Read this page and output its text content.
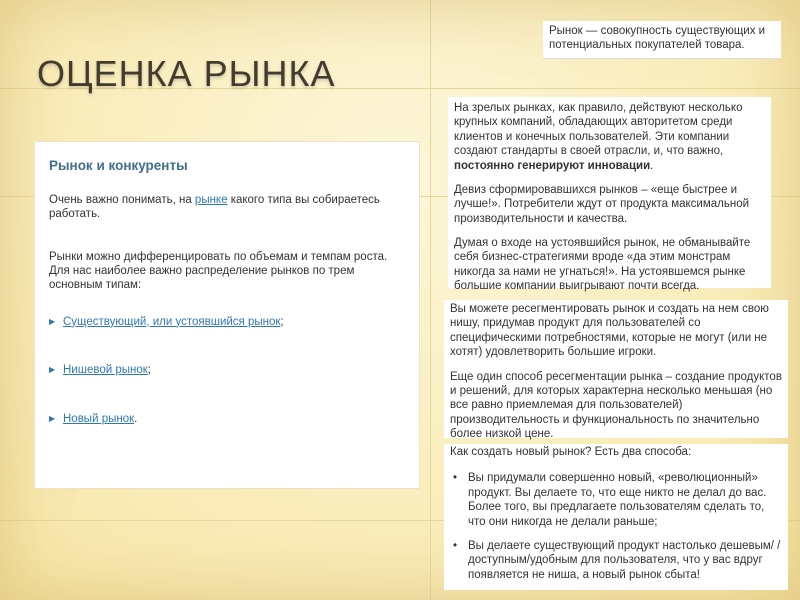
ОЦЕНКА РЫНКА

Рынок — совокупность существующих и потенциальных покупателей товара.

Рынок и конкуренты

Очень важно понимать, на рынке какого типа вы собираетесь работать.

Рынки можно дифференцировать по объемам и темпам роста. Для нас наиболее важно распределение рынков по трем основным типам:

▶ Существующий, или устоявшийся рынок;
▶ Нишевой рынок;
▶ Новый рынок.

На зрелых рынках, как правило, действуют несколько крупных компаний, обладающих авторитетом среди клиентов и конечных пользователей. Эти компании создают стандарты в своей отрасли, и, что важно, постоянно генерируют инновации.

Девиз сформировавшихся рынков – «еще быстрее и лучше!». Потребители ждут от продукта максимальной производительности и качества.

Думая о входе на устоявшийся рынок, не обманывайте себя бизнес-стратегиями вроде «да этим монстрам никогда за нами не угнаться!». На устоявшемся рынке большие компании выигрывают почти всегда.

Вы можете ресегментировать рынок и создать на нем свою нишу, придумав продукт для пользователей со специфическими потребностями, которые не могут (или не хотят) удовлетворить большие игроки.

Еще один способ ресегментации рынка – создание продуктов и решений, для которых характерна несколько меньшая (но все равно приемлемая для пользователей) производительность и функциональность по значительно более низкой цене.

Как создать новый рынок? Есть два способа:

• Вы придумали совершенно новый, «революционный» продукт. Вы делаете то, что еще никто не делал до вас. Более того, вы предлагаете пользователям сделать то, что они никогда не делали раньше;
• Вы делаете существующий продукт настолько дешевым/ /доступным/удобным для пользователя, что у вас вдруг появляется не ниша, а новый рынок сбыта!
